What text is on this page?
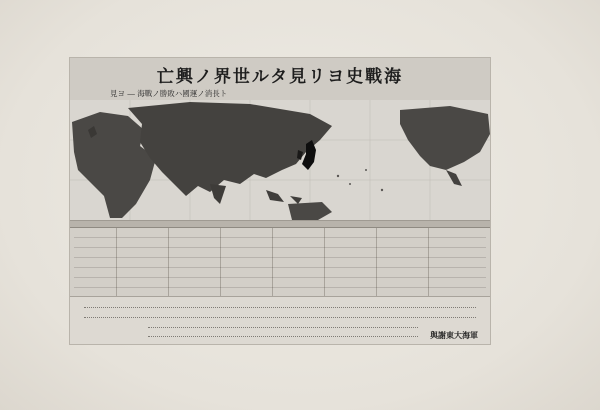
亡興ノ界世ルタ見リヨ史戰海
見ヨ ― 海戰ノ勝敗ハ國運ノ消長ト
與謝東大海軍
